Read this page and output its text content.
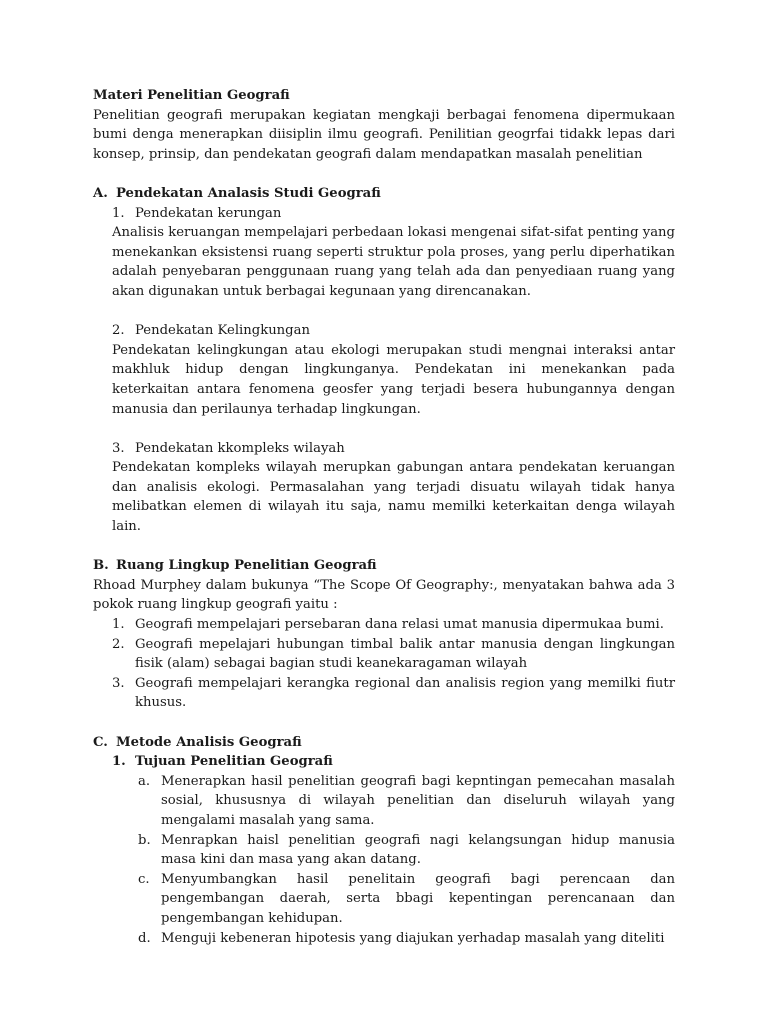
Materi Penelitian Geografi

Penelitian geografi merupakan kegiatan mengkaji berbagai fenomena dipermukaan bumi denga menerapkan diisiplin ilmu geografi. Penilitian geogrfai tidakk lepas dari konsep, prinsip, dan pendekatan geografi dalam mendapatkan masalah penelitian

A. Pendekatan Analasis Studi Geografi
1. Pendekatan kerungan

Analisis keruangan mempelajari perbedaan lokasi mengenai sifat-sifat penting yang menekankan eksistensi ruang seperti struktur pola proses, yang perlu diperhatikan adalah penyebaran penggunaan ruang yang telah ada dan penyediaan ruang yang akan digunakan untuk berbagai kegunaan yang direncanakan.

2. Pendekatan Kelingkungan

Pendekatan kelingkungan atau ekologi merupakan studi mengnai interaksi antar makhluk hidup dengan lingkunganya. Pendekatan ini menekankan pada keterkaitan antara fenomena geosfer yang terjadi besera hubungannya dengan manusia dan perilaunya terhadap lingkungan.

3. Pendekatan kkompleks wilayah

Pendekatan kompleks wilayah merupkan gabungan antara pendekatan keruangan dan analisis ekologi. Permasalahan yang terjadi disuatu wilayah tidak hanya melibatkan elemen di wilayah itu saja, namu memilki keterkaitan denga wilayah lain.

B. Ruang Lingkup Penelitian Geografi

Rhoad Murphey dalam bukunya “The Scope Of Geography:, menyatakan bahwa ada 3 pokok ruang lingkup geografi yaitu :

1. Geografi mempelajari persebaran dana relasi umat manusia dipermukaa bumi.
2. Geografi mepelajari hubungan timbal balik antar manusia dengan lingkungan fisik (alam) sebagai bagian studi keanekaragaman wilayah
3. Geografi mempelajari kerangka regional dan analisis region yang memilki fiutr khusus.
C. Metode Analisis Geografi
1. Tujuan Penelitian Geografi
a. Menerapkan hasil penelitian geografi bagi kepntingan pemecahan masalah sosial, khususnya di wilayah penelitian dan diseluruh wilayah yang mengalami masalah yang sama.
b. Menrapkan haisl penelitian geografi nagi kelangsungan hidup manusia masa kini dan masa yang akan datang.
c. Menyumbangkan hasil penelitain geografi bagi perencaan dan pengembangan daerah, serta bbagi kepentingan perencanaan dan pengembangan kehidupan.
d. Menguji kebeneran hipotesis yang diajukan yerhadap masalah yang diteliti
